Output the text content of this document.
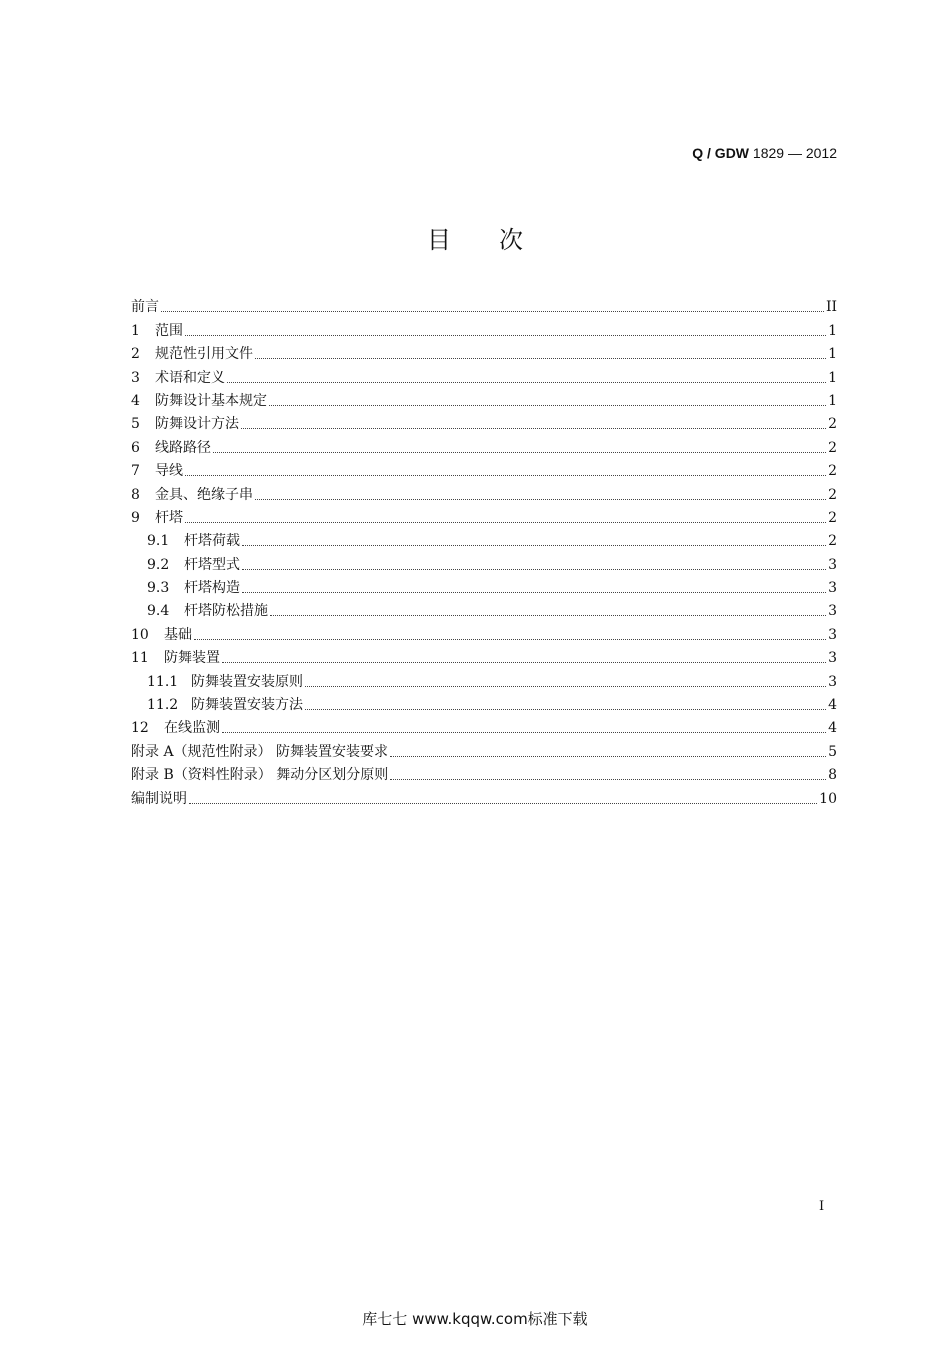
Q / GDW 1829 — 2012
目次
前言	II
1	范围	1
2	规范性引用文件	1
3	术语和定义	1
4	防舞设计基本规定	1
5	防舞设计方法	2
6	线路路径	2
7	导线	2
8	金具、绝缘子串	2
9	杆塔	2
9.1	杆塔荷载	2
9.2	杆塔型式	3
9.3	杆塔构造	3
9.4	杆塔防松措施	3
10	基础	3
11	防舞装置	3
11.1 防舞装置安装原则	3
11.2 防舞装置安装方法	4
12	在线监测	4
附录 A（规范性附录） 防舞装置安装要求	5
附录 B（资料性附录） 舞动分区划分原则	8
编制说明	10
I
库七七 www.kqqw.com标准下载
